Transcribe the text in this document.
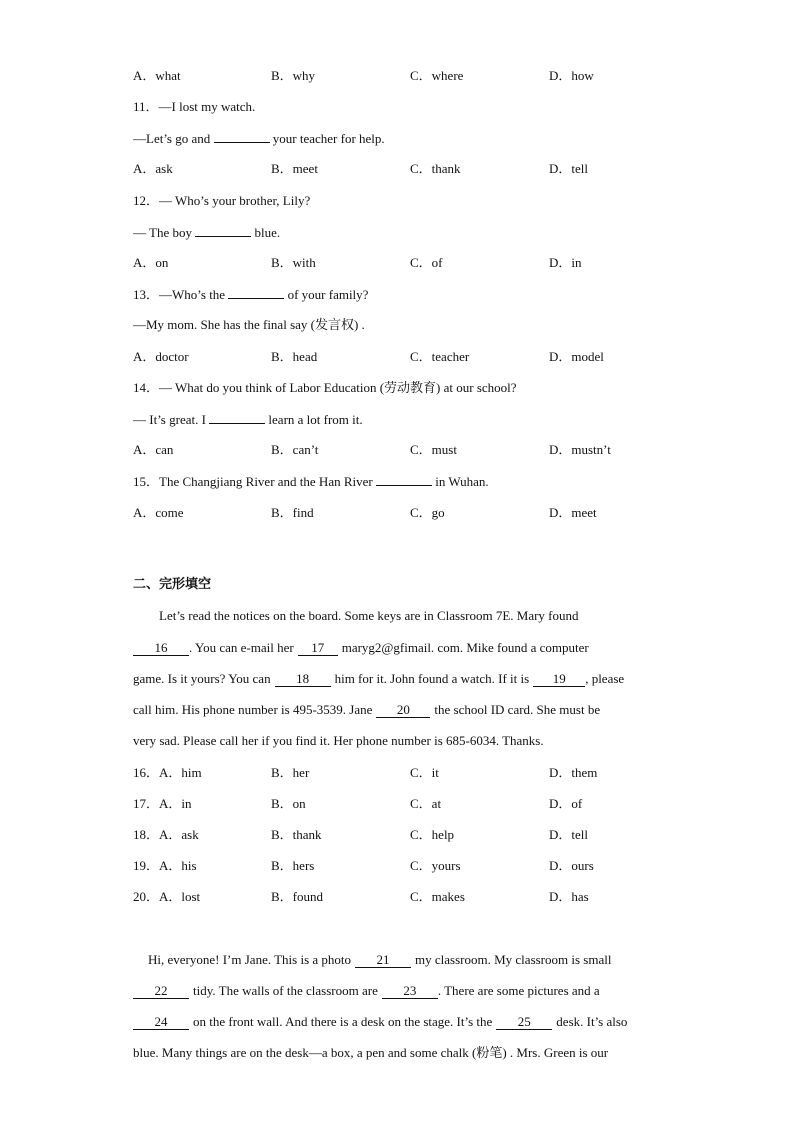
A．what	B．why	C．where	D．how
11．—I lost my watch.
—Let’s go and	your teacher for help.
A．ask	B．meet	C．thank	D．tell
12．— Who’s your brother, Lily?
— The boy	blue.
A．on	B．with	C．of	D．in
13．—Who’s the	of your family?
—My mom. She has the final say (发言权) .
A．doctor	B．head	C．teacher	D．model
14．— What do you think of Labor Education (劳动教育) at our school?
— It’s great. I	learn a lot from it.
A．can	B．can’t	C．must	D．mustn’t
15．The Changjiang River and the Han River	in Wuhan.
A．come	B．find	C．go	D．meet
二、完形填空
Let’s read the notices on the board. Some keys are in Classroom 7E. Mary found
16 . You can e-mail her 17 maryg2@gfimail. com. Mike found a computer
game. Is it yours? You can 18 him for it. John found a watch. If it is 19 , please
call him. His phone number is 495-3539. Jane 20 the school ID card. She must be
very sad. Please call her if you find it. Her phone number is 685-6034. Thanks.
16．A．him	B．her	C．it	D．them
17．A．in	B．on	C．at	D．of
18．A．ask	B．thank	C．help	D．tell
19．A．his	B．hers	C．yours	D．ours
20．A．lost	B．found	C．makes	D．has
Hi, everyone! I’m Jane. This is a photo 21 my classroom. My classroom is small
22 tidy. The walls of the classroom are 23 . There are some pictures and a
24 on the front wall. And there is a desk on the stage. It’s the 25 desk. It’s also
blue. Many things are on the desk—a box, a pen and some chalk (粉笔) . Mrs. Green is our
